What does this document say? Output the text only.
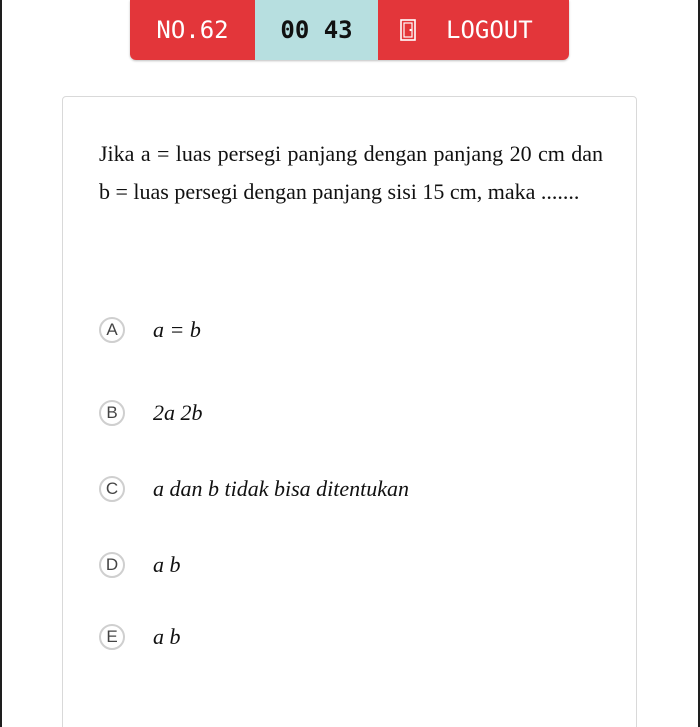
NO.62	00 43	LOGOUT

Jika a = luas persegi panjang dengan panjang 20 cm dan b = luas persegi dengan panjang sisi 15 cm, maka .......

A	a = b
B	2a 2b
C	a dan b tidak bisa ditentukan
D	a b
E	a b
